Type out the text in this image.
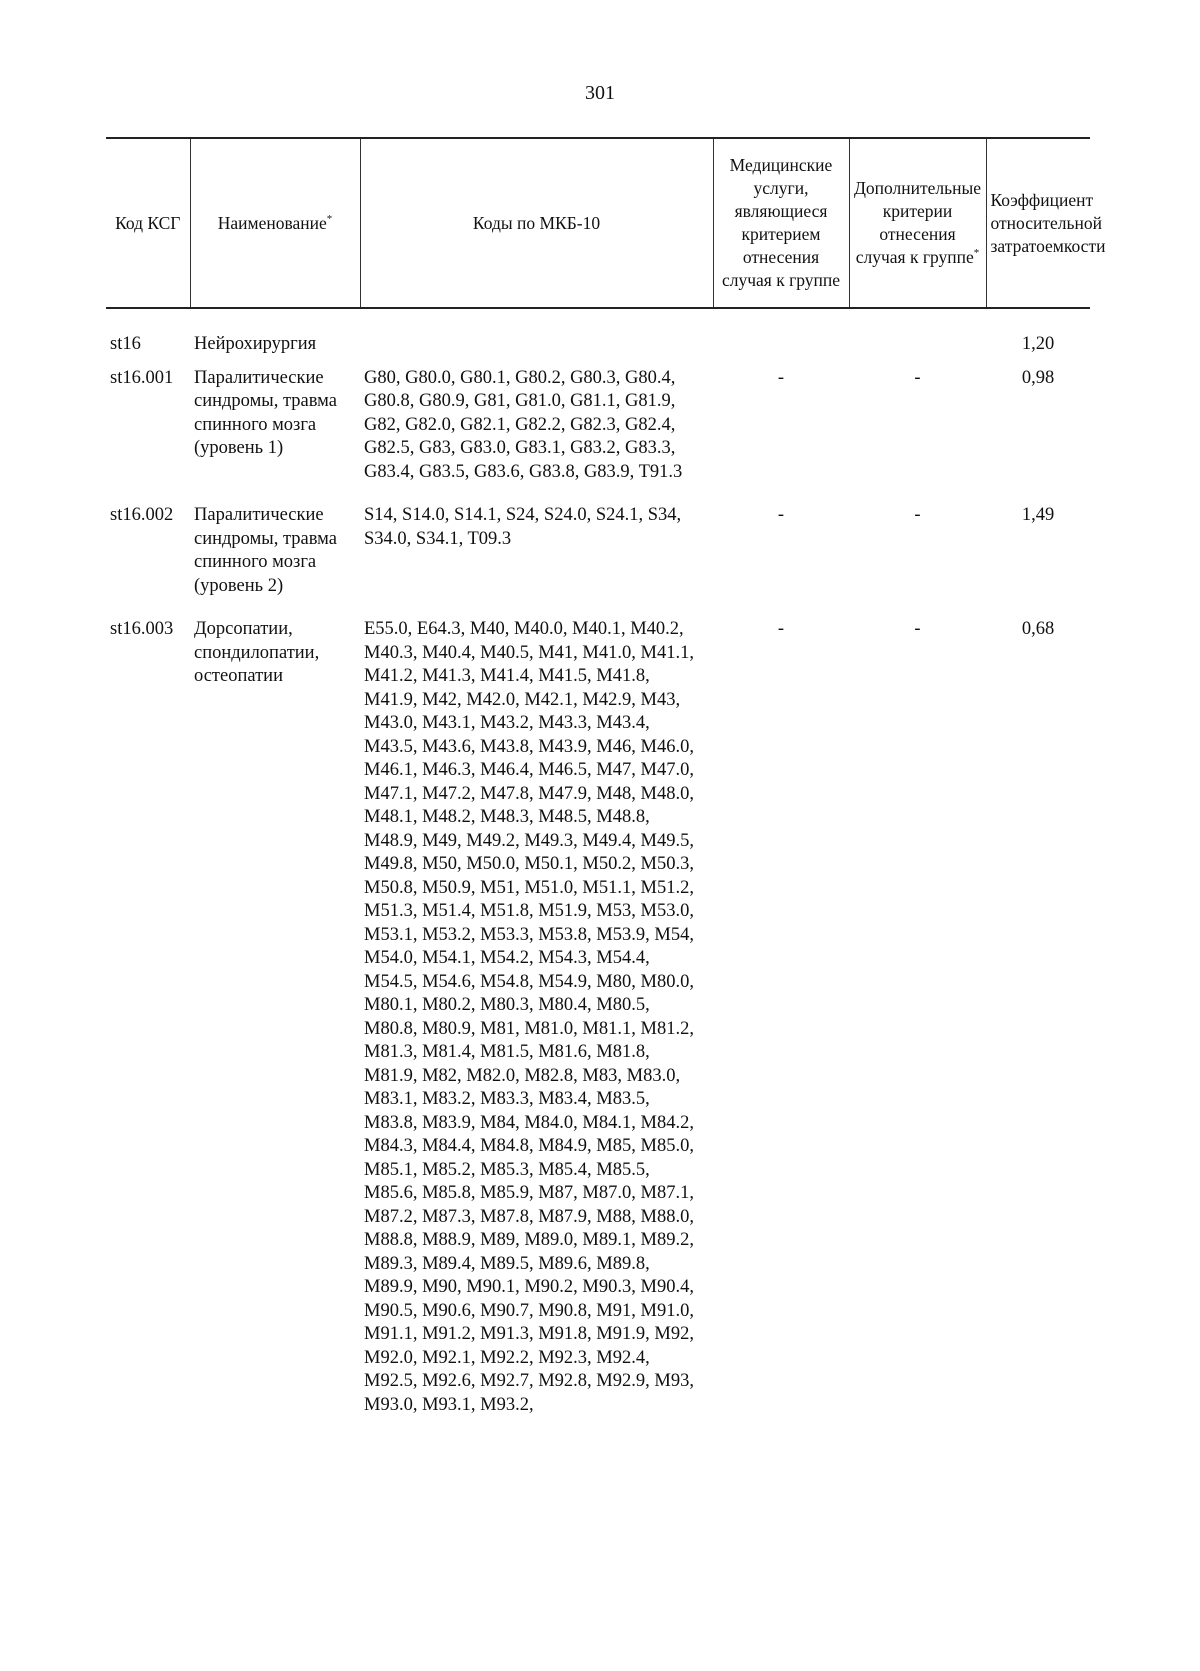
301
Код КСГ	Наименование*	Коды по МКБ-10	Медицинские услуги, являющиеся критерием отнесения случая к группе	Дополнительные критерии отнесения случая к группе*	Коэффициент относительной затратоемкости
st16	Нейрохирургия				1,20
st16.001	Паралитические синдромы, травма спинного мозга (уровень 1)	G80, G80.0, G80.1, G80.2, G80.3, G80.4, G80.8, G80.9, G81, G81.0, G81.1, G81.9, G82, G82.0, G82.1, G82.2, G82.3, G82.4, G82.5, G83, G83.0, G83.1, G83.2, G83.3, G83.4, G83.5, G83.6, G83.8, G83.9, T91.3	-	-	0,98
st16.002	Паралитические синдромы, травма спинного мозга (уровень 2)	S14, S14.0, S14.1, S24, S24.0, S24.1, S34, S34.0, S34.1, T09.3	-	-	1,49
st16.003	Дорсопатии, спондилопатии, остеопатии	E55.0, E64.3, M40, M40.0, M40.1, M40.2, M40.3, M40.4, M40.5, M41, M41.0, M41.1, M41.2, M41.3, M41.4, M41.5, M41.8, M41.9, M42, M42.0, M42.1, M42.9, M43, M43.0, M43.1, M43.2, M43.3, M43.4, M43.5, M43.6, M43.8, M43.9, M46, M46.0, M46.1, M46.3, M46.4, M46.5, M47, M47.0, M47.1, M47.2, M47.8, M47.9, M48, M48.0, M48.1, M48.2, M48.3, M48.5, M48.8, M48.9, M49, M49.2, M49.3, M49.4, M49.5, M49.8, M50, M50.0, M50.1, M50.2, M50.3, M50.8, M50.9, M51, M51.0, M51.1, M51.2, M51.3, M51.4, M51.8, M51.9, M53, M53.0, M53.1, M53.2, M53.3, M53.8, M53.9, M54, M54.0, M54.1, M54.2, M54.3, M54.4, M54.5, M54.6, M54.8, M54.9, M80, M80.0, M80.1, M80.2, M80.3, M80.4, M80.5, M80.8, M80.9, M81, M81.0, M81.1, M81.2, M81.3, M81.4, M81.5, M81.6, M81.8, M81.9, M82, M82.0, M82.8, M83, M83.0, M83.1, M83.2, M83.3, M83.4, M83.5, M83.8, M83.9, M84, M84.0, M84.1, M84.2, M84.3, M84.4, M84.8, M84.9, M85, M85.0, M85.1, M85.2, M85.3, M85.4, M85.5, M85.6, M85.8, M85.9, M87, M87.0, M87.1, M87.2, M87.3, M87.8, M87.9, M88, M88.0, M88.8, M88.9, M89, M89.0, M89.1, M89.2, M89.3, M89.4, M89.5, M89.6, M89.8, M89.9, M90, M90.1, M90.2, M90.3, M90.4, M90.5, M90.6, M90.7, M90.8, M91, M91.0, M91.1, M91.2, M91.3, M91.8, M91.9, M92, M92.0, M92.1, M92.2, M92.3, M92.4, M92.5, M92.6, M92.7, M92.8, M92.9, M93, M93.0, M93.1, M93.2,	-	-	0,68
